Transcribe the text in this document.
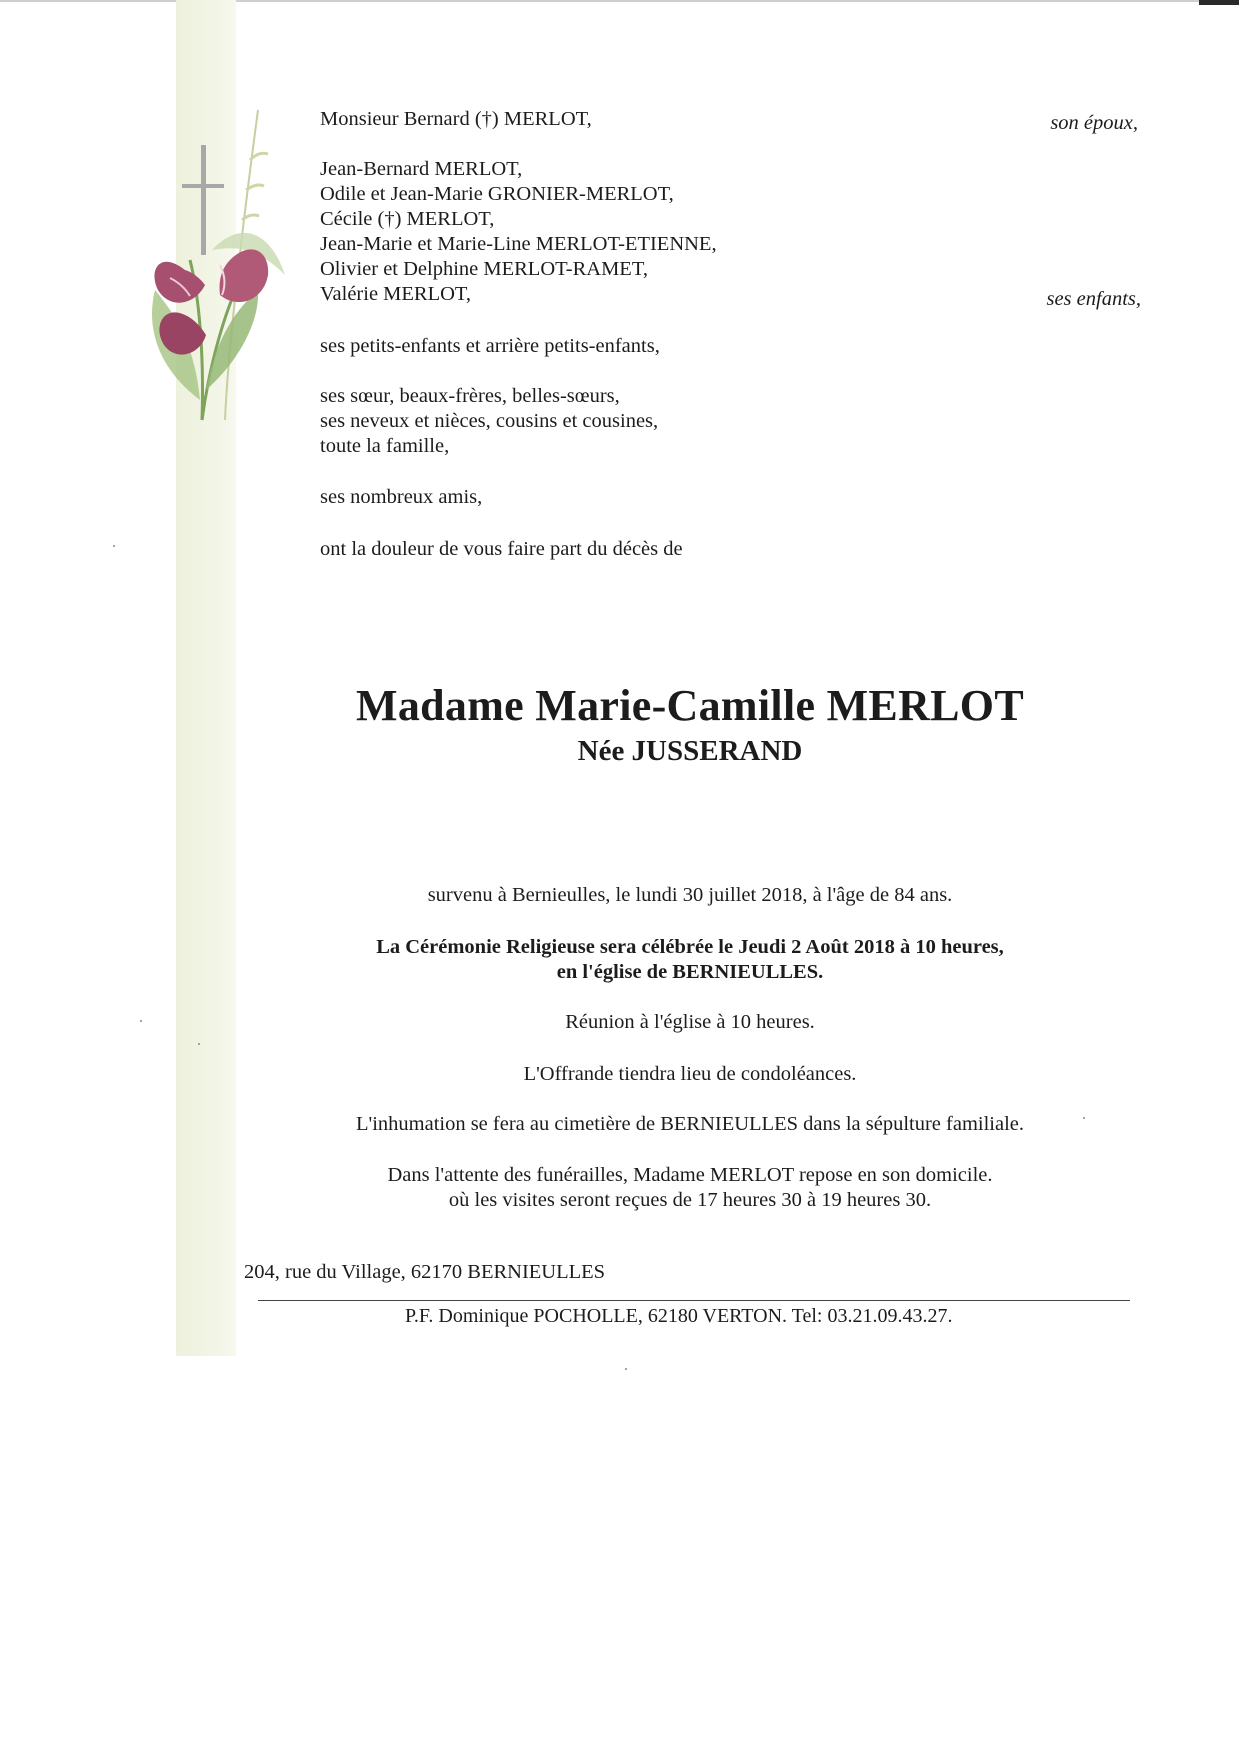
Monsieur Bernard (†) MERLOT,	son époux,
Jean-Bernard MERLOT,
Odile et Jean-Marie GRONIER-MERLOT,
Cécile (†) MERLOT,
Jean-Marie et Marie-Line MERLOT-ETIENNE,
Olivier et Delphine MERLOT-RAMET,
Valérie MERLOT,	ses enfants,
ses petits-enfants et arrière petits-enfants,
ses sœur, beaux-frères, belles-sœurs,
ses neveux et nièces, cousins et cousines,
toute la famille,
ses nombreux amis,
ont la douleur de vous faire part du décès de
Madame Marie-Camille MERLOT
Née JUSSERAND
survenu à Bernieulles, le lundi 30 juillet 2018, à l'âge de 84 ans.
La Cérémonie Religieuse sera célébrée le Jeudi 2 Août 2018 à 10 heures,
en l'église de BERNIEULLES.
Réunion à l'église à 10 heures.
L'Offrande tiendra lieu de condoléances.
L'inhumation se fera au cimetière de BERNIEULLES dans la sépulture familiale.
Dans l'attente des funérailles, Madame MERLOT repose en son domicile.
où les visites seront reçues de 17 heures 30 à 19 heures 30.
204, rue du Village, 62170 BERNIEULLES
P.F. Dominique POCHOLLE, 62180 VERTON. Tel: 03.21.09.43.27.
